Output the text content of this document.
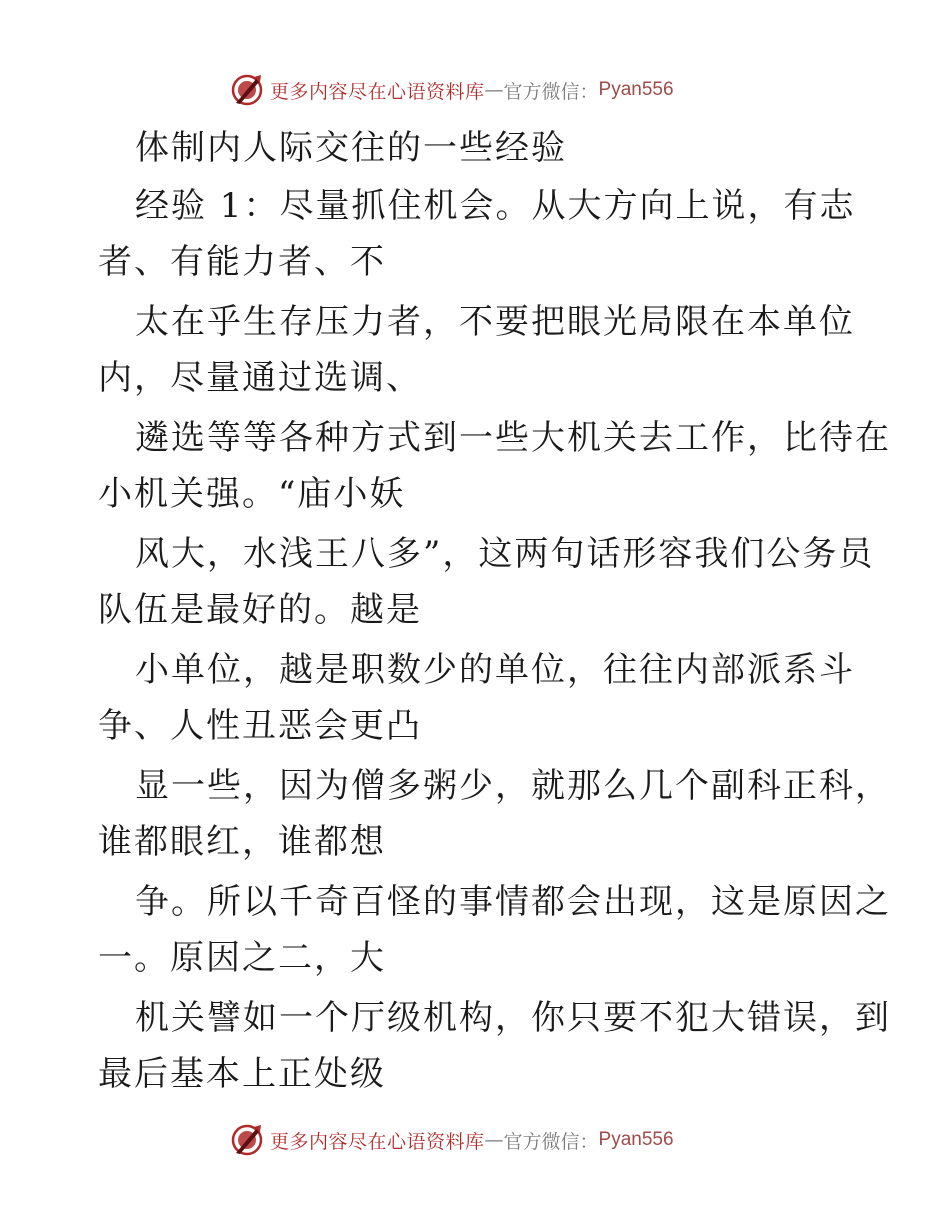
更多内容尽在心语资料库 — 官方微信： Pyan556
体制内人际交往的一些经验
经验 1：尽量抓住机会。从大方向上说，有志
者、有能力者、不
太在乎生存压力者，不要把眼光局限在本单位
内，尽量通过选调、
遴选等等各种方式到一些大机关去工作，比待在
小机关强。“庙小妖
风大，水浅王八多”，这两句话形容我们公务员
队伍是最好的。越是
小单位，越是职数少的单位，往往内部派系斗
争、人性丑恶会更凸
显一些，因为僧多粥少，就那么几个副科正科，
谁都眼红，谁都想
争。所以千奇百怪的事情都会出现，这是原因之
一。原因之二，大
机关譬如一个厅级机构，你只要不犯大错误，到
最后基本上正处级
更多内容尽在心语资料库 — 官方微信： Pyan556
